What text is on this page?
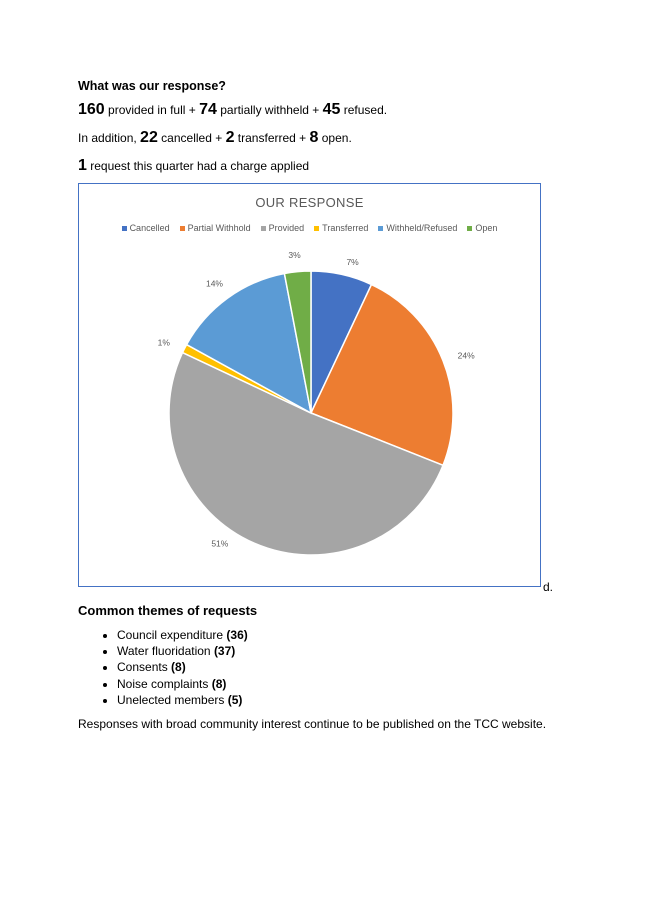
What was our response?
160 provided in full + 74 partially withheld + 45 refused.
In addition, 22 cancelled + 2 transferred + 8 open.
1 request this quarter had a charge applied
OUR RESPONSE
Cancelled Partial Withhold Provided Transferred Withheld/Refused Open
7%
24%
51%
1%
14%
3%
d.
Common themes of requests
• Council expenditure (36)
• Water fluoridation (37)
• Consents (8)
• Noise complaints (8)
• Unelected members (5)
Responses with broad community interest continue to be published on the TCC website.
